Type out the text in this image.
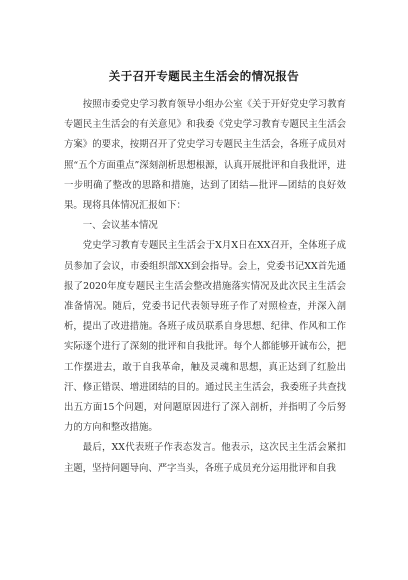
关于召开专题民主生活会的情况报告

按照市委党史学习教育领导小组办公室《关于开好党史学习教育专题民主生活会的有关意见》和我委《党史学习教育专题民主生活会方案》的要求，按期召开了党史学习专题民主生活会，各班子成员对照“五个方面重点”深刻剖析思想根源，认真开展批评和自我批评，进一步明确了整改的思路和措施，达到了团结—批评—团结的良好效果。现将具体情况汇报如下：

一、会议基本情况

党史学习教育专题民主生活会于X月X日在XX召开，全体班子成员参加了会议，市委组织部XX到会指导。会上，党委书记XX首先通报了2020年度专题民主生活会整改措施落实情况及此次民主生活会准备情况。随后，党委书记代表领导班子作了对照检查，并深入剖析，提出了改进措施。各班子成员联系自身思想、纪律、作风和工作实际逐个进行了深刻的批评和自我批评。每个人都能够开诚布公，把工作摆进去，敢于自我革命，触及灵魂和思想，真正达到了红脸出汗、修正错误、增进团结的目的。通过民主生活会，我委班子共查找出五方面15个问题，对问题原因进行了深入剖析，并指明了今后努力的方向和整改措施。

最后，XX代表班子作表态发言。他表示，这次民主生活会紧扣主题，坚持问题导向、严字当头，各班子成员充分运用批评和自我
